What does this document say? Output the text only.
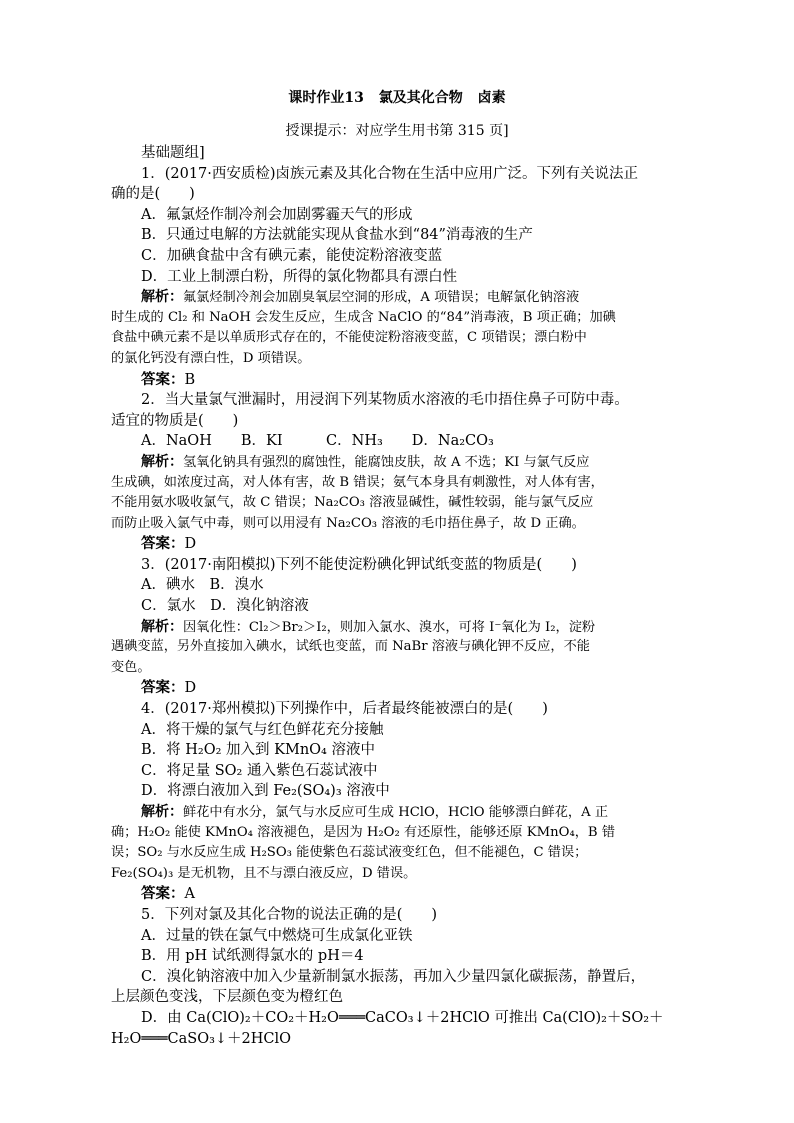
课时作业13 氯及其化合物 卤素
授课提示：对应学生用书第 315 页]
基础题组]
1．(2017·西安质检)卤族元素及其化合物在生活中应用广泛。下列有关说法正
确的是(　　)
A．氟氯烃作制冷剂会加剧雾霾天气的形成
B．只通过电解的方法就能实现从食盐水到“84”消毒液的生产
C．加碘食盐中含有碘元素，能使淀粉溶液变蓝
D．工业上制漂白粉，所得的氯化物都具有漂白性
解析：氟氯烃制冷剂会加剧臭氧层空洞的形成，A 项错误；电解氯化钠溶液
时生成的 Cl₂ 和 NaOH 会发生反应，生成含 NaClO 的“84”消毒液，B 项正确；加碘
食盐中碘元素不是以单质形式存在的，不能使淀粉溶液变蓝，C 项错误；漂白粉中
的氯化钙没有漂白性，D 项错误。
答案：B
2．当大量氯气泄漏时，用浸润下列某物质水溶液的毛巾捂住鼻子可防中毒。
适宜的物质是(　　)
A．NaOH　　B．KI　　　C．NH₃　　D．Na₂CO₃
解析：氢氧化钠具有强烈的腐蚀性，能腐蚀皮肤，故 A 不选；KI 与氯气反应
生成碘，如浓度过高，对人体有害，故 B 错误；氨气本身具有刺激性，对人体有害，
不能用氨水吸收氯气，故 C 错误；Na₂CO₃ 溶液显碱性，碱性较弱，能与氯气反应
而防止吸入氯气中毒，则可以用浸有 Na₂CO₃ 溶液的毛巾捂住鼻子，故 D 正确。
答案：D
3．(2017·南阳模拟)下列不能使淀粉碘化钾试纸变蓝的物质是(　　)
A．碘水　B．溴水
C．氯水　D．溴化钠溶液
解析：因氧化性：Cl₂＞Br₂＞I₂，则加入氯水、溴水，可将 I⁻氧化为 I₂，淀粉
遇碘变蓝，另外直接加入碘水，试纸也变蓝，而 NaBr 溶液与碘化钾不反应，不能
变色。
答案：D
4．(2017·郑州模拟)下列操作中，后者最终能被漂白的是(　　)
A．将干燥的氯气与红色鲜花充分接触
B．将 H₂O₂ 加入到 KMnO₄ 溶液中
C．将足量 SO₂ 通入紫色石蕊试液中
D．将漂白液加入到 Fe₂(SO₄)₃ 溶液中
解析：鲜花中有水分，氯气与水反应可生成 HClO，HClO 能够漂白鲜花，A 正
确；H₂O₂ 能使 KMnO₄ 溶液褪色，是因为 H₂O₂ 有还原性，能够还原 KMnO₄，B 错
误；SO₂ 与水反应生成 H₂SO₃ 能使紫色石蕊试液变红色，但不能褪色，C 错误；
Fe₂(SO₄)₃ 是无机物，且不与漂白液反应，D 错误。
答案：A
5．下列对氯及其化合物的说法正确的是(　　)
A．过量的铁在氯气中燃烧可生成氯化亚铁
B．用 pH 试纸测得氯水的 pH＝4
C．溴化钠溶液中加入少量新制氯水振荡，再加入少量四氯化碳振荡，静置后，
上层颜色变浅，下层颜色变为橙红色
D．由 Ca(ClO)₂＋CO₂＋H₂O═══CaCO₃↓＋2HClO 可推出 Ca(ClO)₂＋SO₂＋
H₂O═══CaSO₃↓＋2HClO
